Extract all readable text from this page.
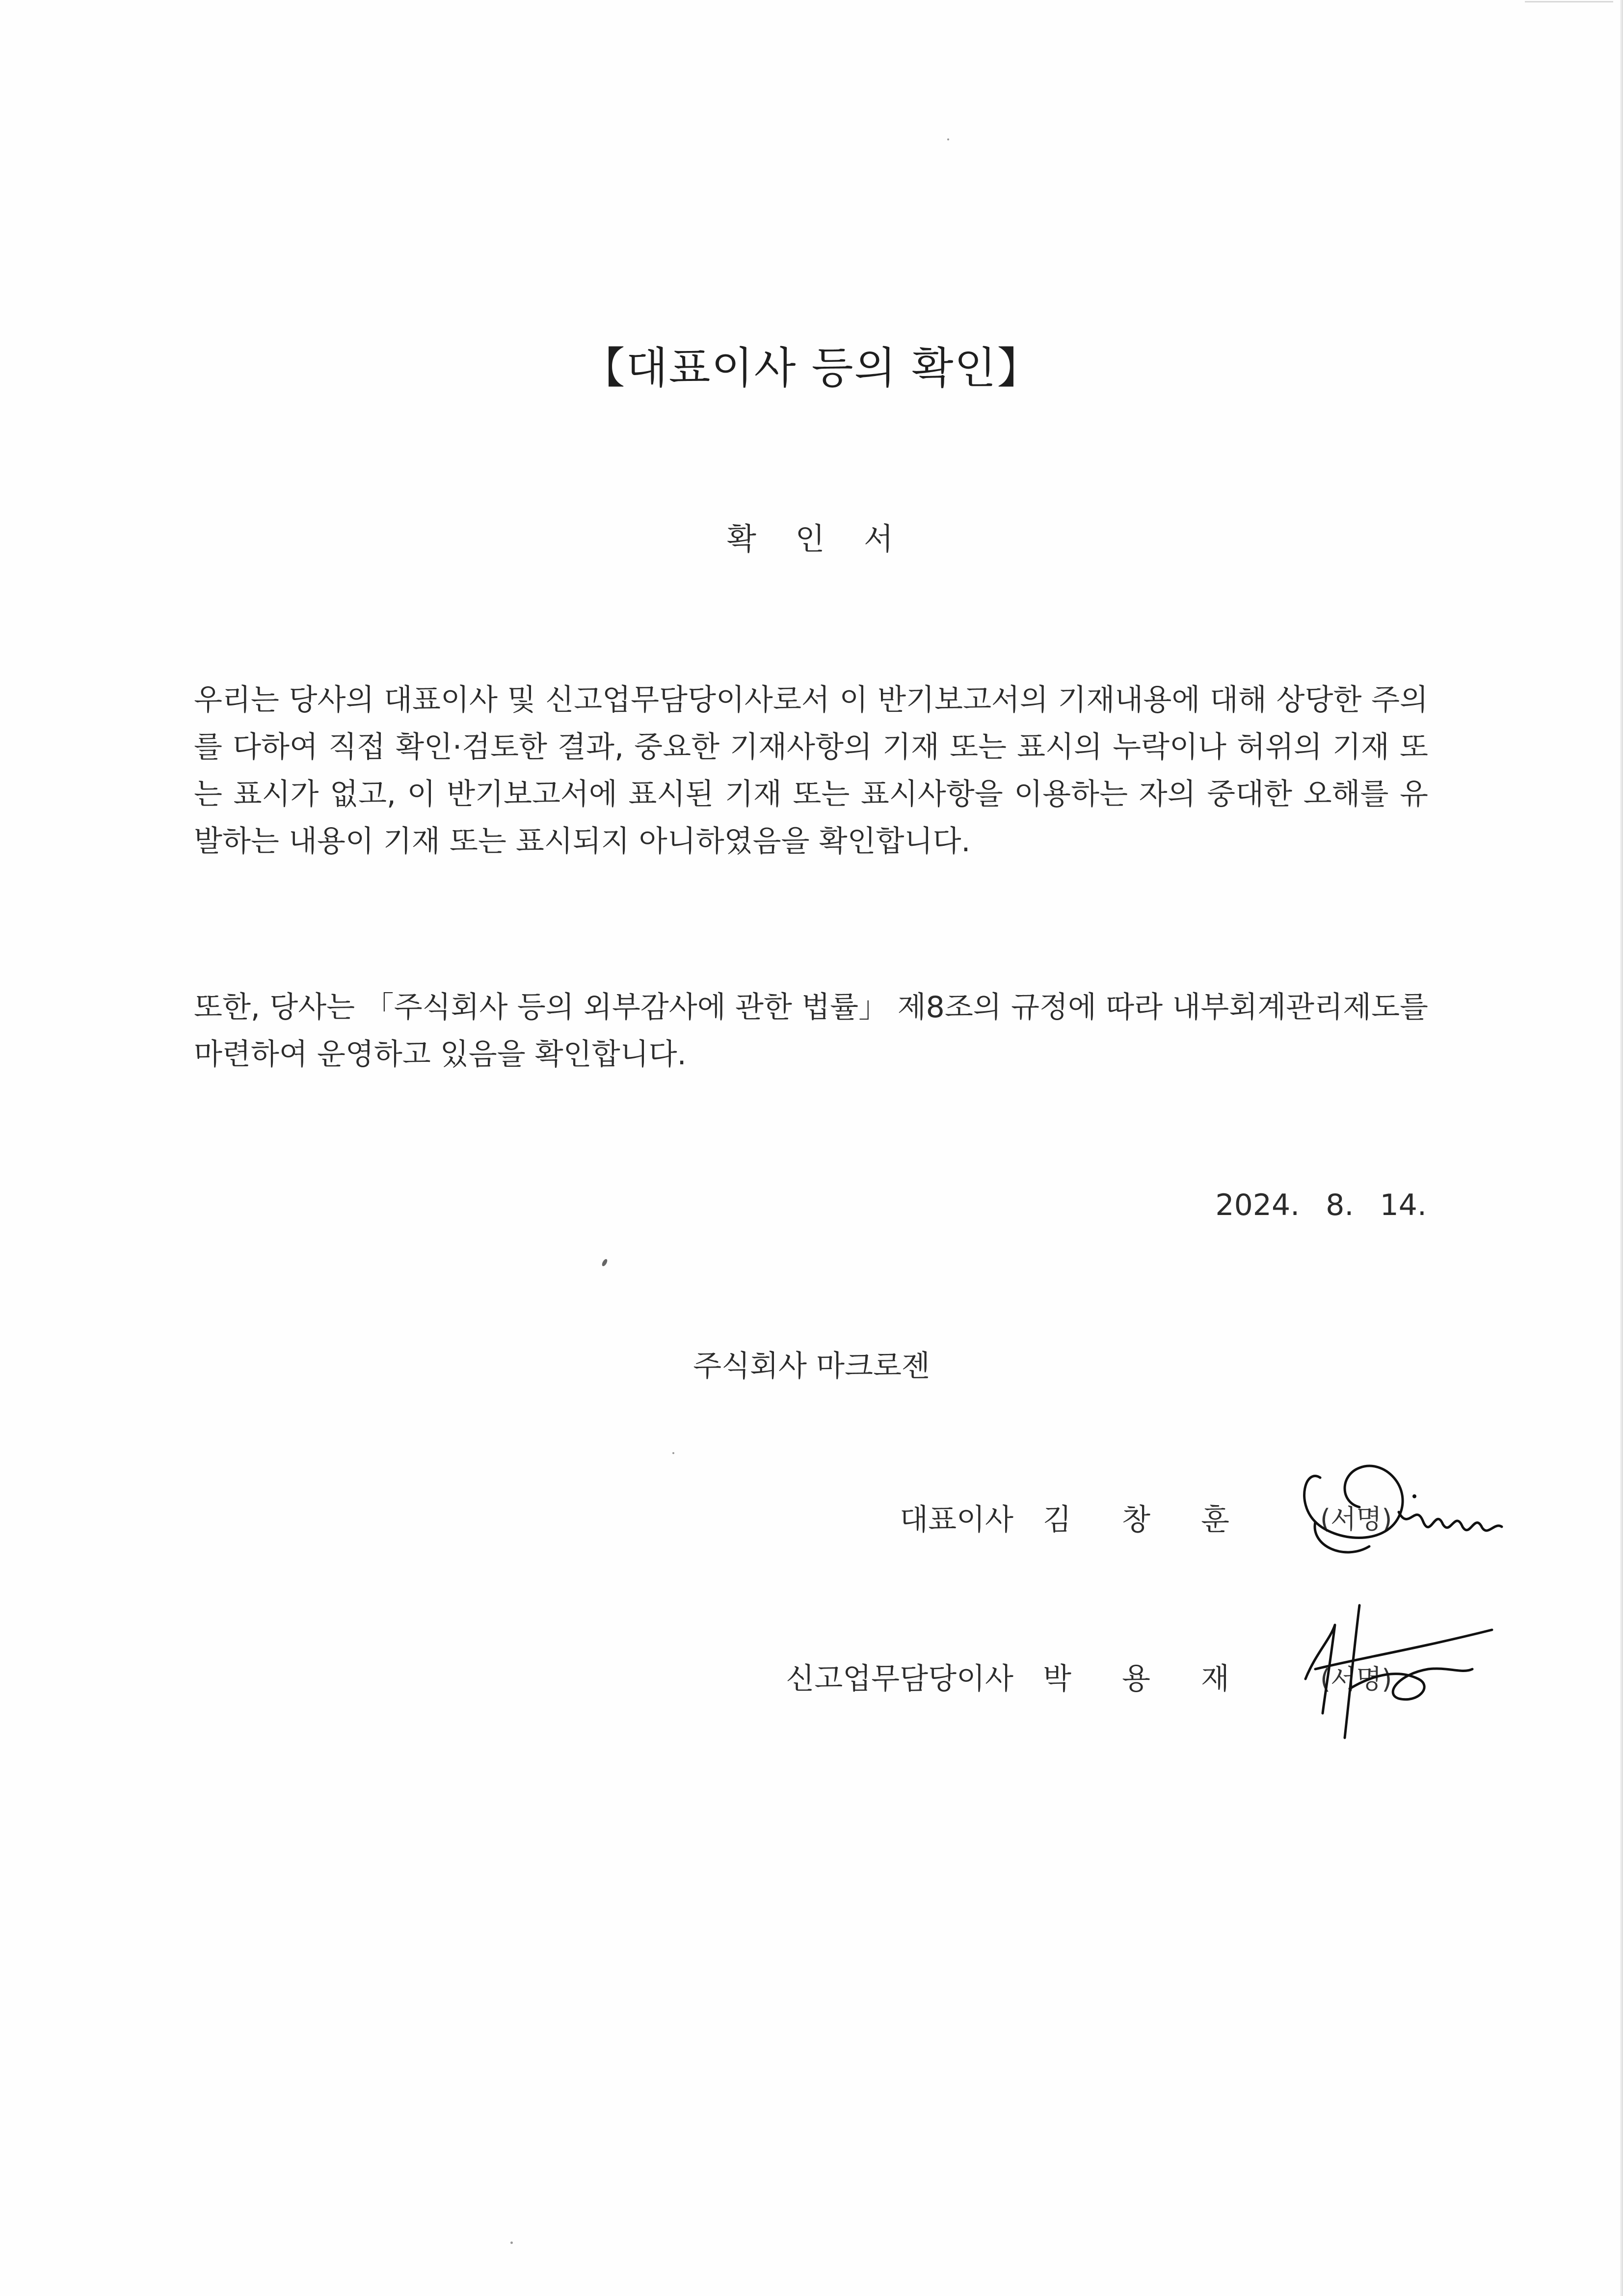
【대표이사 등의 확인】
확 인 서
우리는 당사의 대표이사 및 신고업무담당이사로서 이 반기보고서의 기재내용에 대해 상당한 주의를 다하여 직접 확인·검토한 결과, 중요한 기재사항의 기재 또는 표시의 누락이나 허위의 기재 또는 표시가 없고, 이 반기보고서에 표시된 기재 또는 표시사항을 이용하는 자의 중대한 오해를 유발하는 내용이 기재 또는 표시되지 아니하였음을 확인합니다.
또한, 당사는 「주식회사 등의 외부감사에 관한 법률」 제8조의 규정에 따라 내부회계관리제도를 마련하여 운영하고 있음을 확인합니다.
2024. 8. 14.
주식회사 마크로젠
대표이사 김 창 훈	(서명)
신고업무담당이사 박 용 재	(서명)
